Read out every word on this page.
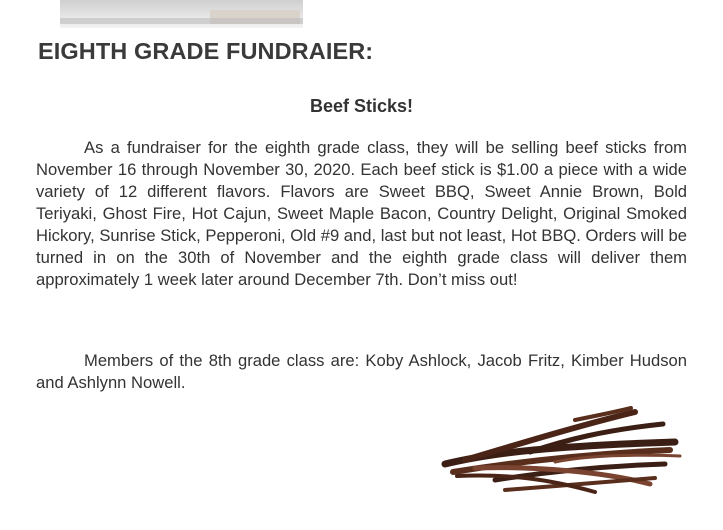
EIGHTH GRADE FUNDRAIER:
Beef Sticks!

As a fundraiser for the eighth grade class, they will be selling beef sticks from November 16 through November 30, 2020. Each beef stick is $1.00 a piece with a wide variety of 12 different flavors. Flavors are Sweet BBQ, Sweet Annie Brown, Bold Teriyaki, Ghost Fire, Hot Cajun, Sweet Maple Bacon, Country Delight, Original Smoked Hickory, Sunrise Stick, Pepperoni, Old #9 and, last but not least, Hot BBQ. Orders will be turned in on the 30th of November and the eighth grade class will deliver them approximately 1 week later around December 7th. Don’t miss out!

Members of the 8th grade class are: Koby Ashlock, Jacob Fritz, Kimber Hudson and Ashlynn Nowell.
